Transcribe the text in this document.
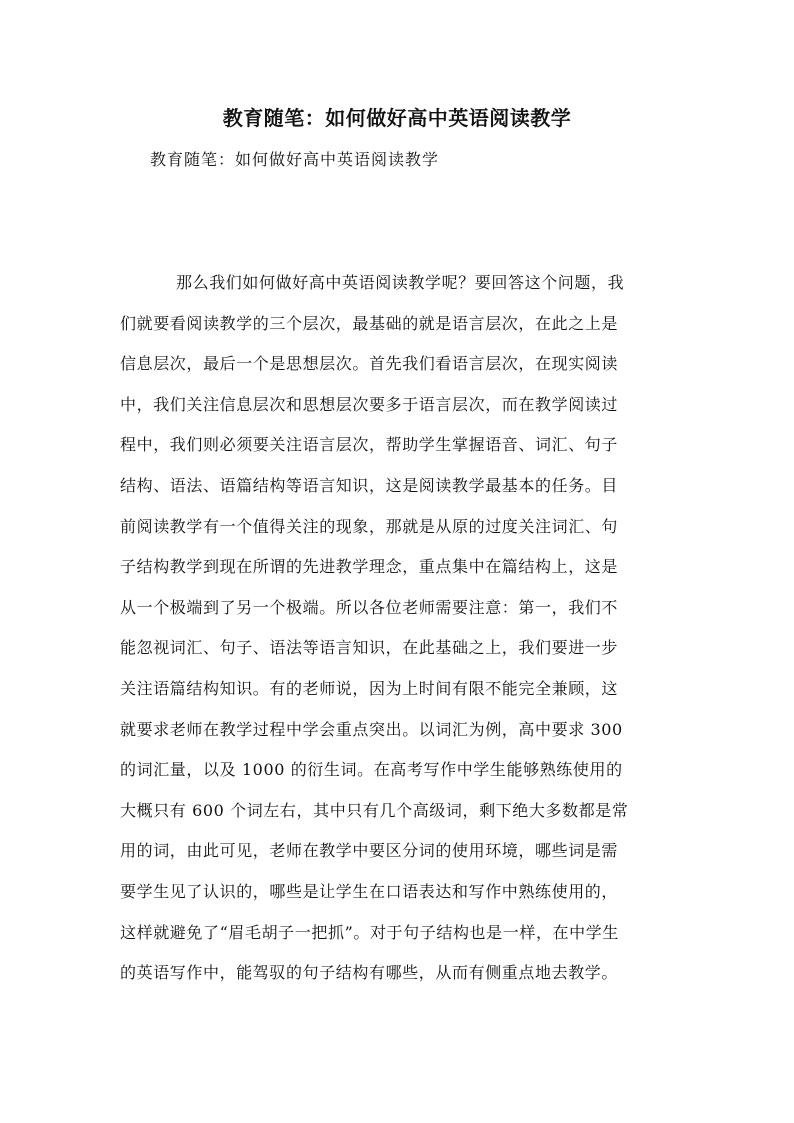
教育随笔：如何做好高中英语阅读教学
教育随笔：如何做好高中英语阅读教学
那么我们如何做好高中英语阅读教学呢？要回答这个问题，我
们就要看阅读教学的三个层次，最基础的就是语言层次，在此之上是
信息层次，最后一个是思想层次。首先我们看语言层次，在现实阅读
中，我们关注信息层次和思想层次要多于语言层次，而在教学阅读过
程中，我们则必须要关注语言层次，帮助学生掌握语音、词汇、句子
结构、语法、语篇结构等语言知识，这是阅读教学最基本的任务。目
前阅读教学有一个值得关注的现象，那就是从原的过度关注词汇、句
子结构教学到现在所谓的先进教学理念，重点集中在篇结构上，这是
从一个极端到了另一个极端。所以各位老师需要注意：第一，我们不
能忽视词汇、句子、语法等语言知识，在此基础之上，我们要进一步
关注语篇结构知识。有的老师说，因为上时间有限不能完全兼顾，这
就要求老师在教学过程中学会重点突出。以词汇为例，高中要求 300
的词汇量，以及 1000 的衍生词。在高考写作中学生能够熟练使用的
大概只有 600 个词左右，其中只有几个高级词，剩下绝大多数都是常
用的词，由此可见，老师在教学中要区分词的使用环境，哪些词是需
要学生见了认识的，哪些是让学生在口语表达和写作中熟练使用的，
这样就避免了“眉毛胡子一把抓”。对于句子结构也是一样，在中学生
的英语写作中，能驾驭的句子结构有哪些，从而有侧重点地去教学。
